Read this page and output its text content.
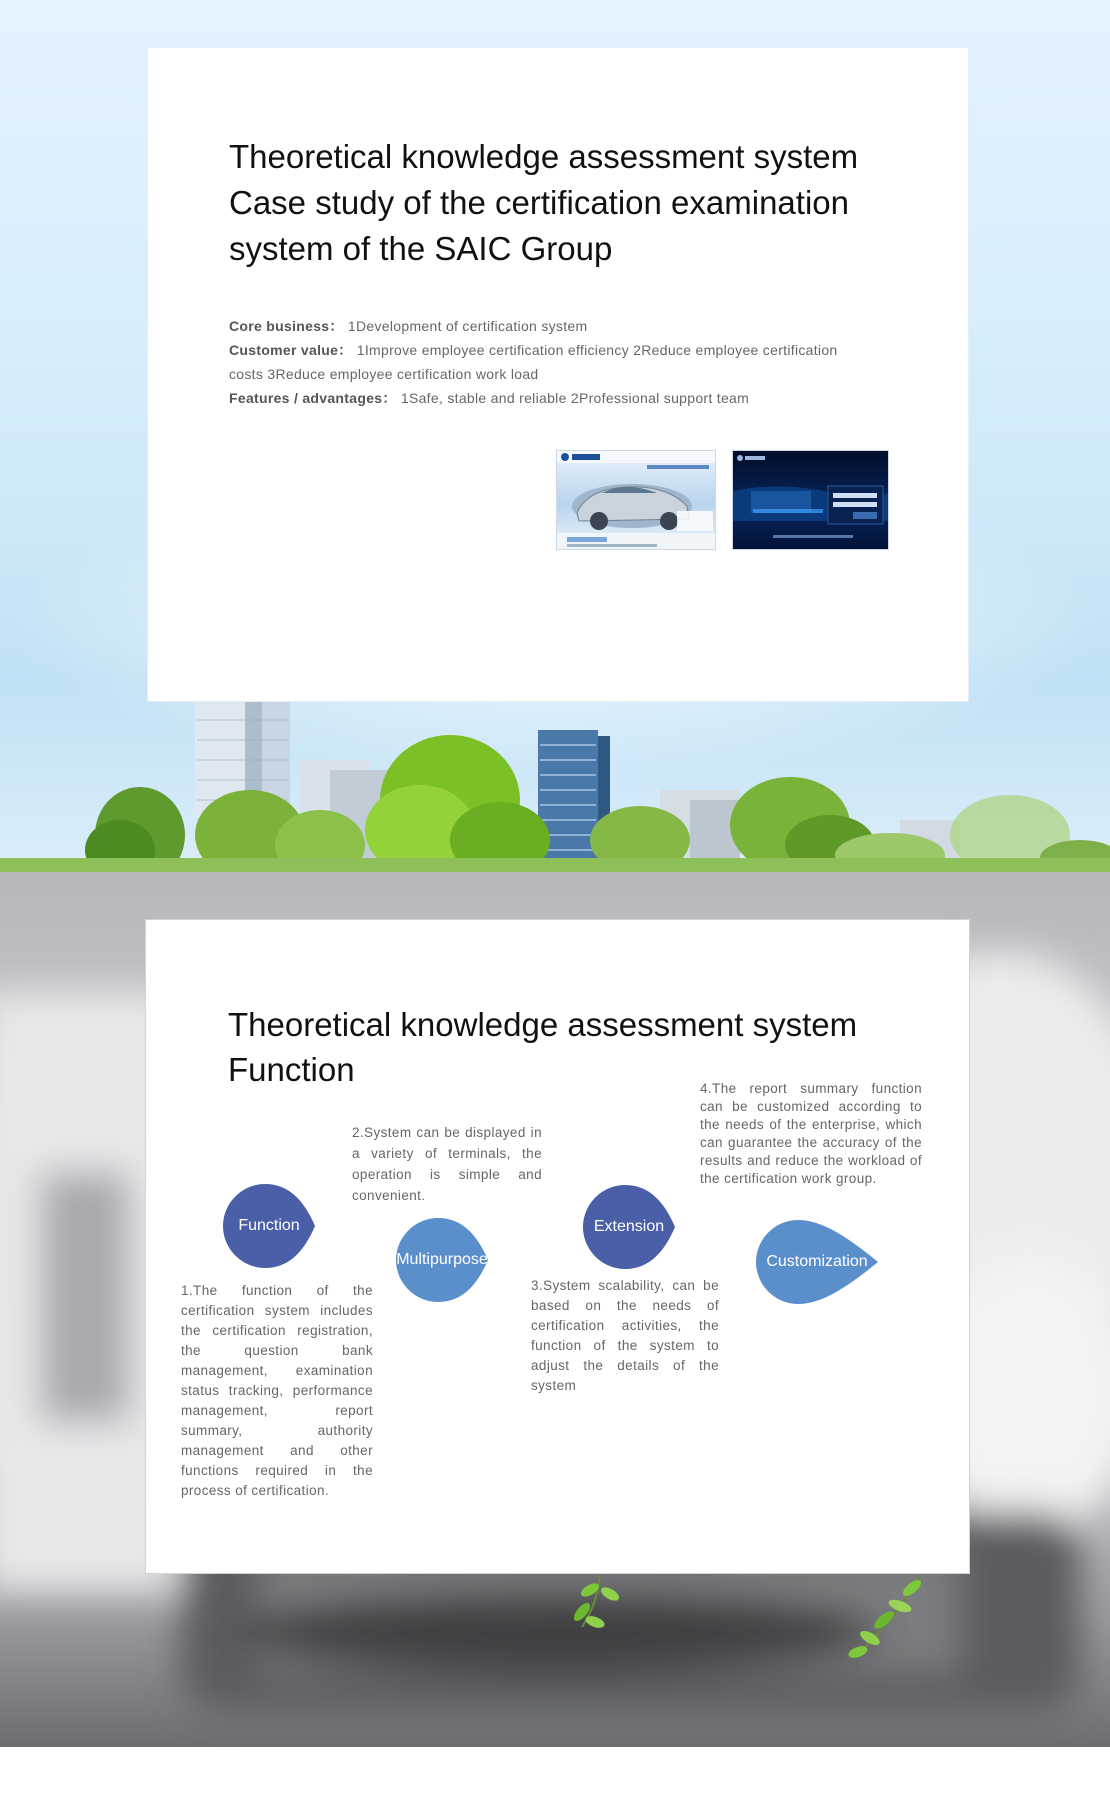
Theoretical knowledge assessment system
Case study of the certification examination
system of the SAIC Group
Core business： 1Development of certification system
Customer value： 1Improve employee certification efficiency 2Reduce employee certification
costs 3Reduce employee certification work load
Features / advantages： 1Safe, stable and reliable 2Professional support team
Theoretical knowledge assessment system
Function
Function
Multi purpose
Extension
Customization

1.The function of the certification system includes the certification registration, the question bank management, examination status tracking, performance management, report summary, authority management and other functions required in the process of certification.

2.System can be displayed in a variety of terminals, the operation is simple and convenient.

3.System scalability, can be based on the needs of certification activities, the function of the system to adjust the details of the system

4.The report summary function can be customized according to the needs of the enterprise, which can guarantee the accuracy of the results and reduce the workload of the certification work group.
